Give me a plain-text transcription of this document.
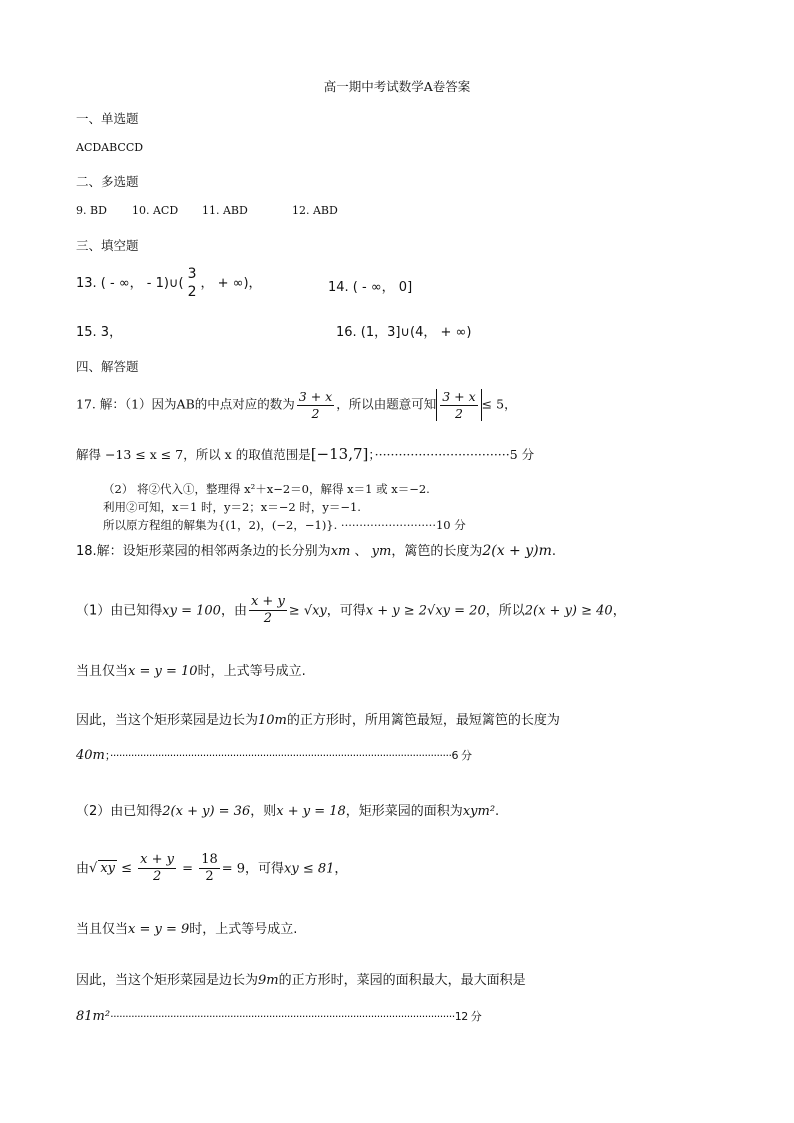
高一期中考试数学A卷答案
一、单选题
ACDABCCD
二、多选题
9. BD 10. ACD 11. ABD	12. ABD
三、填空题
13. ( - ∞， - 1)∪(
3
2 ， + ∞)，	14. ( - ∞， 0]
15. 3，	16. (1，3]∪(4， + ∞)
四、解答题
17. 解：（1）因为AB的中点对应的数为 $\frac{3 + x}{2}$ ，所以由题意可知 $\frac{3 + x}{2} \le 5$，
解得 −13 ≤ x ≤ 7，所以 x 的取值范围是[−13,7]；··································5 分
（2） 将②代入①，整理得 x²＋x−2＝0，解得 x＝1 或 x＝−2.
利用②可知，x＝1 时，y＝2；x＝−2 时，y＝−1.
所以原方程组的解集为{(1，2)，(−2，−1)}. ··························10 分
18.解：设矩形菜园的相邻两条边的长分别为xm 、 ym，篱笆的长度为2(x + y)m.
（1）由已知得xy = 100，由 $\frac{x + y}{2} \ge √xy$，可得x + y ≥ 2√xy = 20，所以2(x + y) ≥ 40，
当且仅当x = y = 10时，上式等号成立.
因此，当这个矩形菜园是边长为10m的正方形时，所用篱笆最短，最短篱笆的长度为
40m；··················································································································6 分
（2）由已知得2(x + y) = 36，则x + y = 18，矩形菜园的面积为xym².
由√ xy ≤ $\frac{x + y}{2} = \frac{18}{2} = 9$，可得xy ≤ 81，
当且仅当x = y = 9时，上式等号成立.
因此，当这个矩形菜园是边长为9m的正方形时，菜园的面积最大，最大面积是
81m²···················································································································12 分
